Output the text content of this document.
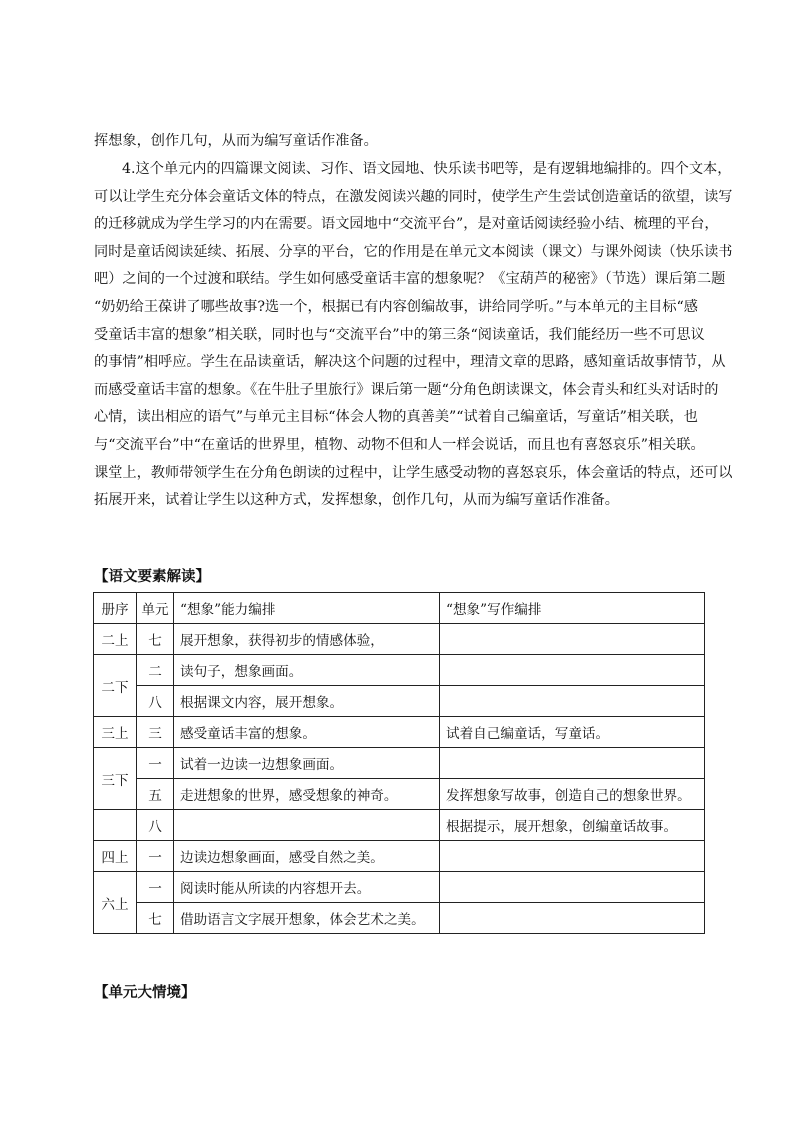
挥想象，创作几句，从而为编写童话作准备。
4.这个单元内的四篇课文阅读、习作、语文园地、快乐读书吧等，是有逻辑地编排的。四个文本，
可以让学生充分体会童话文体的特点，在激发阅读兴趣的同时，使学生产生尝试创造童话的欲望，读写
的迁移就成为学生学习的内在需要。语文园地中“交流平台”，是对童话阅读经验小结、梳理的平台，
同时是童话阅读延续、拓展、分享的平台，它的作用是在单元文本阅读（课文）与课外阅读（快乐读书
吧）之间的一个过渡和联结。学生如何感受童话丰富的想象呢？《宝葫芦的秘密》（节选）课后第二题
“奶奶给王葆讲了哪些故事?选一个，根据已有内容创编故事，讲给同学听。”与本单元的主目标“感
受童话丰富的想象”相关联，同时也与“交流平台”中的第三条“阅读童话，我们能经历一些不可思议
的事情”相呼应。学生在品读童话，解决这个问题的过程中，理清文章的思路，感知童话故事情节，从
而感受童话丰富的想象。《在牛肚子里旅行》课后第一题“分角色朗读课文，体会青头和红头对话时的
心情，读出相应的语气”与单元主目标“体会人物的真善美”“试着自己编童话，写童话”相关联，也
与“交流平台”中“在童话的世界里，植物、动物不但和人一样会说话，而且也有喜怒哀乐”相关联。
课堂上，教师带领学生在分角色朗读的过程中，让学生感受动物的喜怒哀乐，体会童话的特点，还可以
拓展开来，试着让学生以这种方式，发挥想象，创作几句，从而为编写童话作准备。
【语文要素解读】
册序	单元	“想象”能力编排	“想象”写作编排
二上	七	展开想象，获得初步的情感体验，	
二下	二	读句子，想象画面。	
	八	根据课文内容，展开想象。	
三上	三	感受童话丰富的想象。	试着自己编童话，写童话。
三下	一	试着一边读一边想象画面。	
	五	走进想象的世界，感受想象的神奇。	发挥想象写故事，创造自己的想象世界。
	八		根据提示，展开想象，创编童话故事。
四上	一	边读边想象画面，感受自然之美。	
六上	一	阅读时能从所读的内容想开去。	
	七	借助语言文字展开想象，体会艺术之美。	
【单元大情境】
